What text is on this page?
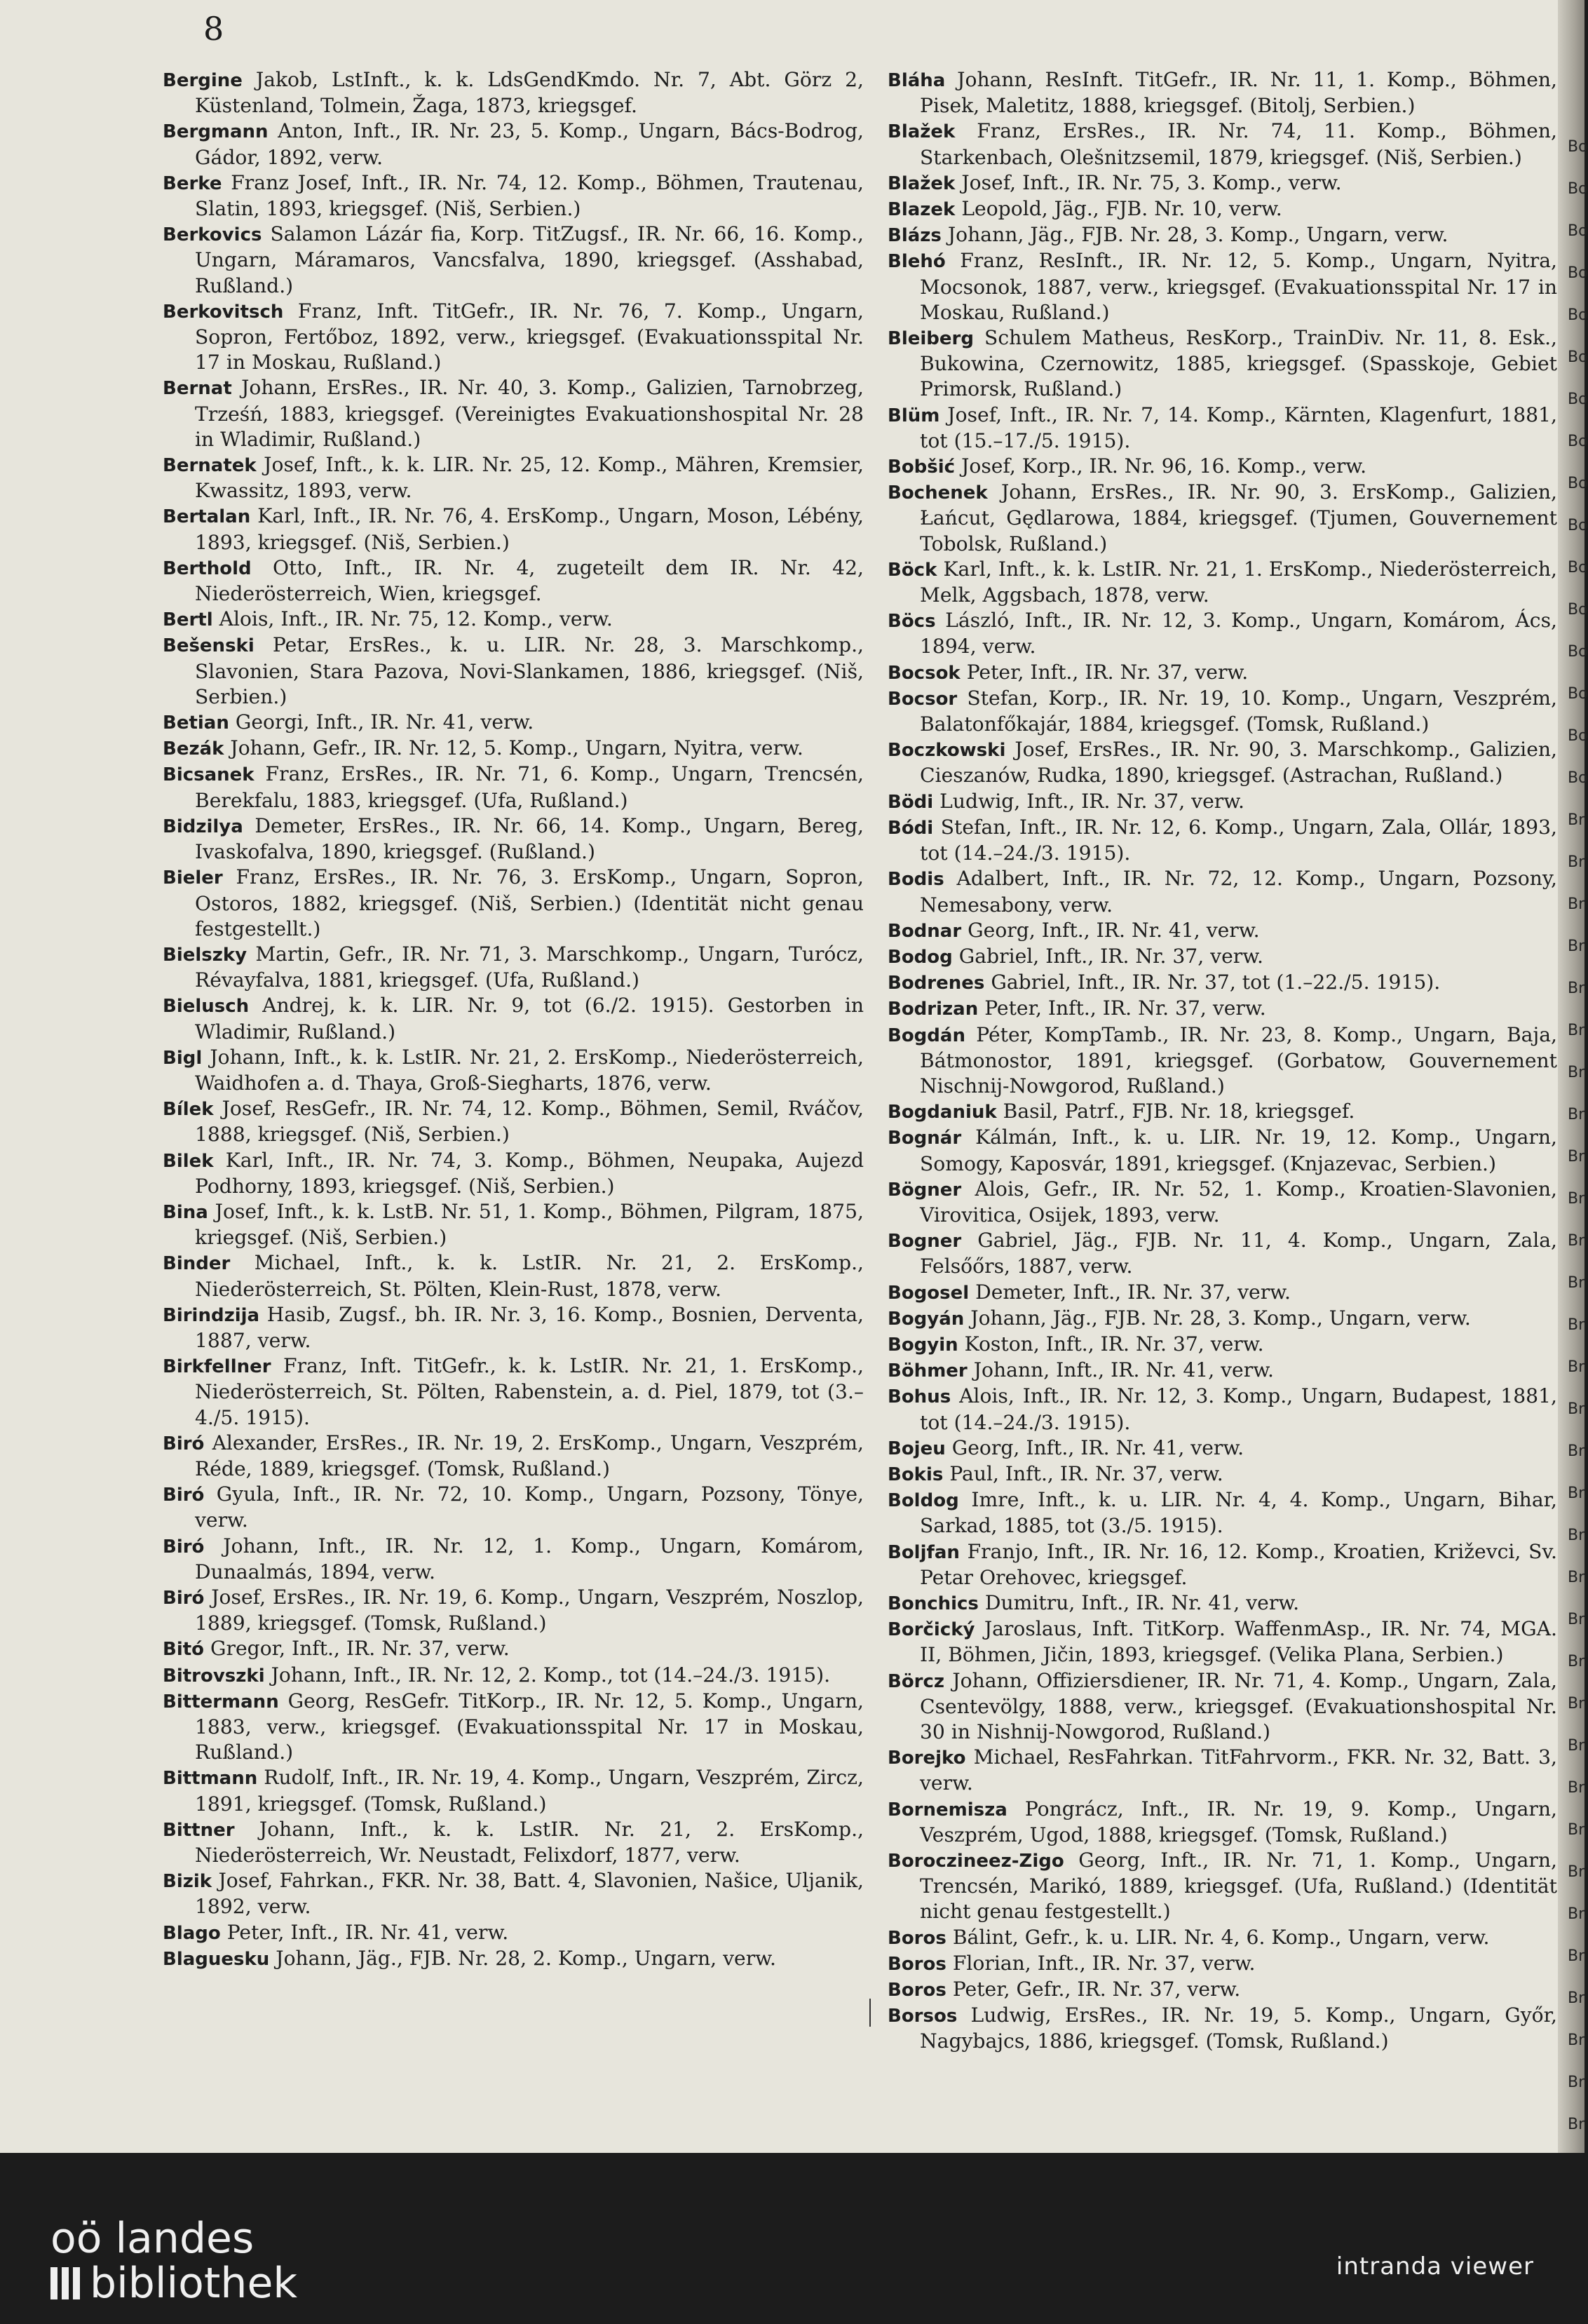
8

Bergine Jakob, LstInft., k. k. LdsGendKmdo. Nr. 7, Abt. Görz 2, Küstenland, Tolmein, Žaga, 1873, kriegsgef.

Bergmann Anton, Inft., IR. Nr. 23, 5. Komp., Ungarn, Bács-Bodrog, Gádor, 1892, verw.

Berke Franz Josef, Inft., IR. Nr. 74, 12. Komp., Böhmen, Trautenau, Slatin, 1893, kriegsgef. (Niš, Serbien.)

Berkovics Salamon Lázár fia, Korp. TitZugsf., IR. Nr. 66, 16. Komp., Ungarn, Máramaros, Vancsfalva, 1890, kriegsgef. (Asshabad, Rußland.)

Berkovitsch Franz, Inft. TitGefr., IR. Nr. 76, 7. Komp., Ungarn, Sopron, Fertőboz, 1892, verw., kriegsgef. (Evakuationsspital Nr. 17 in Moskau, Rußland.)

Bernat Johann, ErsRes., IR. Nr. 40, 3. Komp., Galizien, Tarnobrzeg, Trześń, 1883, kriegsgef. (Vereinigtes Evakuationshospital Nr. 28 in Wladimir, Rußland.)

Bernatek Josef, Inft., k. k. LIR. Nr. 25, 12. Komp., Mähren, Kremsier, Kwassitz, 1893, verw.

Bertalan Karl, Inft., IR. Nr. 76, 4. ErsKomp., Ungarn, Moson, Lébény, 1893, kriegsgef. (Niš, Serbien.)

Berthold Otto, Inft., IR. Nr. 4, zugeteilt dem IR. Nr. 42, Niederösterreich, Wien, kriegsgef.

Bertl Alois, Inft., IR. Nr. 75, 12. Komp., verw.

Bešenski Petar, ErsRes., k. u. LIR. Nr. 28, 3. Marschkomp., Slavonien, Stara Pazova, Novi-Slankamen, 1886, kriegsgef. (Niš, Serbien.)

Betian Georgi, Inft., IR. Nr. 41, verw.

Bezák Johann, Gefr., IR. Nr. 12, 5. Komp., Ungarn, Nyitra, verw.

Bicsanek Franz, ErsRes., IR. Nr. 71, 6. Komp., Ungarn, Trencsén, Berekfalu, 1883, kriegsgef. (Ufa, Rußland.)

Bidzilya Demeter, ErsRes., IR. Nr. 66, 14. Komp., Ungarn, Bereg, Ivaskofalva, 1890, kriegsgef. (Rußland.)

Bieler Franz, ErsRes., IR. Nr. 76, 3. ErsKomp., Ungarn, Sopron, Ostoros, 1882, kriegsgef. (Niš, Serbien.) (Identität nicht genau festgestellt.)

Bielszky Martin, Gefr., IR. Nr. 71, 3. Marschkomp., Ungarn, Turócz, Révayfalva, 1881, kriegsgef. (Ufa, Rußland.)

Bielusch Andrej, k. k. LIR. Nr. 9, tot (6./2. 1915). Gestorben in Wladimir, Rußland.)

Bigl Johann, Inft., k. k. LstIR. Nr. 21, 2. ErsKomp., Niederösterreich, Waidhofen a. d. Thaya, Groß-Siegharts, 1876, verw.

Bílek Josef, ResGefr., IR. Nr. 74, 12. Komp., Böhmen, Semil, Rváčov, 1888, kriegsgef. (Niš, Serbien.)

Bilek Karl, Inft., IR. Nr. 74, 3. Komp., Böhmen, Neupaka, Aujezd Podhorny, 1893, kriegsgef. (Niš, Serbien.)

Bina Josef, Inft., k. k. LstB. Nr. 51, 1. Komp., Böhmen, Pilgram, 1875, kriegsgef. (Niš, Serbien.)

Binder Michael, Inft., k. k. LstIR. Nr. 21, 2. ErsKomp., Niederösterreich, St. Pölten, Klein-Rust, 1878, verw.

Birindzija Hasib, Zugsf., bh. IR. Nr. 3, 16. Komp., Bosnien, Derventa, 1887, verw.

Birkfellner Franz, Inft. TitGefr., k. k. LstIR. Nr. 21, 1. ErsKomp., Niederösterreich, St. Pölten, Rabenstein, a. d. Piel, 1879, tot (3.–4./5. 1915).

Biró Alexander, ErsRes., IR. Nr. 19, 2. ErsKomp., Ungarn, Veszprém, Réde, 1889, kriegsgef. (Tomsk, Rußland.)

Biró Gyula, Inft., IR. Nr. 72, 10. Komp., Ungarn, Pozsony, Tönye, verw.

Biró Johann, Inft., IR. Nr. 12, 1. Komp., Ungarn, Komárom, Dunaalmás, 1894, verw.

Biró Josef, ErsRes., IR. Nr. 19, 6. Komp., Ungarn, Veszprém, Noszlop, 1889, kriegsgef. (Tomsk, Rußland.)

Bitó Gregor, Inft., IR. Nr. 37, verw.

Bitrovszki Johann, Inft., IR. Nr. 12, 2. Komp., tot (14.–24./3. 1915).

Bittermann Georg, ResGefr. TitKorp., IR. Nr. 12, 5. Komp., Ungarn, 1883, verw., kriegsgef. (Evakuationsspital Nr. 17 in Moskau, Rußland.)

Bittmann Rudolf, Inft., IR. Nr. 19, 4. Komp., Ungarn, Veszprém, Zircz, 1891, kriegsgef. (Tomsk, Rußland.)

Bittner Johann, Inft., k. k. LstIR. Nr. 21, 2. ErsKomp., Niederösterreich, Wr. Neustadt, Felixdorf, 1877, verw.

Bizik Josef, Fahrkan., FKR. Nr. 38, Batt. 4, Slavonien, Našice, Uljanik, 1892, verw.

Blago Peter, Inft., IR. Nr. 41, verw.

Blaguesku Johann, Jäg., FJB. Nr. 28, 2. Komp., Ungarn, verw.

Bláha Johann, ResInft. TitGefr., IR. Nr. 11, 1. Komp., Böhmen, Pisek, Maletitz, 1888, kriegsgef. (Bitolj, Serbien.)

Blažek Franz, ErsRes., IR. Nr. 74, 11. Komp., Böhmen, Starkenbach, Olešnitzsemil, 1879, kriegsgef. (Niš, Serbien.)

Blažek Josef, Inft., IR. Nr. 75, 3. Komp., verw.

Blazek Leopold, Jäg., FJB. Nr. 10, verw.

Blázs Johann, Jäg., FJB. Nr. 28, 3. Komp., Ungarn, verw.

Blehó Franz, ResInft., IR. Nr. 12, 5. Komp., Ungarn, Nyitra, Mocsonok, 1887, verw., kriegsgef. (Evakuationsspital Nr. 17 in Moskau, Rußland.)

Bleiberg Schulem Matheus, ResKorp., TrainDiv. Nr. 11, 8. Esk., Bukowina, Czernowitz, 1885, kriegsgef. (Spasskoje, Gebiet Primorsk, Rußland.)

Blüm Josef, Inft., IR. Nr. 7, 14. Komp., Kärnten, Klagenfurt, 1881, tot (15.–17./5. 1915).

Bobšić Josef, Korp., IR. Nr. 96, 16. Komp., verw.

Bochenek Johann, ErsRes., IR. Nr. 90, 3. ErsKomp., Galizien, Łańcut, Gędlarowa, 1884, kriegsgef. (Tjumen, Gouvernement Tobolsk, Rußland.)

Böck Karl, Inft., k. k. LstIR. Nr. 21, 1. ErsKomp., Niederösterreich, Melk, Aggsbach, 1878, verw.

Böcs László, Inft., IR. Nr. 12, 3. Komp., Ungarn, Komárom, Ács, 1894, verw.

Bocsok Peter, Inft., IR. Nr. 37, verw.

Bocsor Stefan, Korp., IR. Nr. 19, 10. Komp., Ungarn, Veszprém, Balatonfőkajár, 1884, kriegsgef. (Tomsk, Rußland.)

Boczkowski Josef, ErsRes., IR. Nr. 90, 3. Marschkomp., Galizien, Cieszanów, Rudka, 1890, kriegsgef. (Astrachan, Rußland.)

Bödi Ludwig, Inft., IR. Nr. 37, verw.

Bódi Stefan, Inft., IR. Nr. 12, 6. Komp., Ungarn, Zala, Ollár, 1893, tot (14.–24./3. 1915).

Bodis Adalbert, Inft., IR. Nr. 72, 12. Komp., Ungarn, Pozsony, Nemesabony, verw.

Bodnar Georg, Inft., IR. Nr. 41, verw.

Bodog Gabriel, Inft., IR. Nr. 37, verw.

Bodrenes Gabriel, Inft., IR. Nr. 37, tot (1.–22./5. 1915).

Bodrizan Peter, Inft., IR. Nr. 37, verw.

Bogdán Péter, KompTamb., IR. Nr. 23, 8. Komp., Ungarn, Baja, Bátmonostor, 1891, kriegsgef. (Gorbatow, Gouvernement Nischnij-Nowgorod, Rußland.)

Bogdaniuk Basil, Patrf., FJB. Nr. 18, kriegsgef.

Bognár Kálmán, Inft., k. u. LIR. Nr. 19, 12. Komp., Ungarn, Somogy, Kaposvár, 1891, kriegsgef. (Knjazevac, Serbien.)

Bögner Alois, Gefr., IR. Nr. 52, 1. Komp., Kroatien-Slavonien, Virovitica, Osijek, 1893, verw.

Bogner Gabriel, Jäg., FJB. Nr. 11, 4. Komp., Ungarn, Zala, Felsőőrs, 1887, verw.

Bogosel Demeter, Inft., IR. Nr. 37, verw.

Bogyán Johann, Jäg., FJB. Nr. 28, 3. Komp., Ungarn, verw.

Bogyin Koston, Inft., IR. Nr. 37, verw.

Böhmer Johann, Inft., IR. Nr. 41, verw.

Bohus Alois, Inft., IR. Nr. 12, 3. Komp., Ungarn, Budapest, 1881, tot (14.–24./3. 1915).

Bojeu Georg, Inft., IR. Nr. 41, verw.

Bokis Paul, Inft., IR. Nr. 37, verw.

Boldog Imre, Inft., k. u. LIR. Nr. 4, 4. Komp., Ungarn, Bihar, Sarkad, 1885, tot (3./5. 1915).

Boljfan Franjo, Inft., IR. Nr. 16, 12. Komp., Kroatien, Križevci, Sv. Petar Orehovec, kriegsgef.

Bonchics Dumitru, Inft., IR. Nr. 41, verw.

Borčický Jaroslaus, Inft. TitKorp. WaffenmAsp., IR. Nr. 74, MGA. II, Böhmen, Jičin, 1893, kriegsgef. (Velika Plana, Serbien.)

Börcz Johann, Offiziersdiener, IR. Nr. 71, 4. Komp., Ungarn, Zala, Csentevölgy, 1888, verw., kriegsgef. (Evakuationshospital Nr. 30 in Nishnij-Nowgorod, Rußland.)

Borejko Michael, ResFahrkan. TitFahrvorm., FKR. Nr. 32, Batt. 3, verw.

Bornemisza Pongrácz, Inft., IR. Nr. 19, 9. Komp., Ungarn, Veszprém, Ugod, 1888, kriegsgef. (Tomsk, Rußland.)

Boroczineez-Zigo Georg, Inft., IR. Nr. 71, 1. Komp., Ungarn, Trencsén, Marikó, 1889, kriegsgef. (Ufa, Rußland.) (Identität nicht genau festgestellt.)

Boros Bálint, Gefr., k. u. LIR. Nr. 4, 6. Komp., Ungarn, verw.

Boros Florian, Inft., IR. Nr. 37, verw.

Boros Peter, Gefr., IR. Nr. 37, verw.

Borsos Ludwig, ErsRes., IR. Nr. 19, 5. Komp., Ungarn, Győr, Nagybajcs, 1886, kriegsgef. (Tomsk, Rußland.)

Bo
Bo
Bo
Bo
Bo
Bo
Bo
Bo
Bo
Bo
Bo
Bo
Bo
Bo
Bo
Bo
Br
Br
Br
Br
Br
Br
Br
Br
Br
Br
Br
Br
Br
Br
Br
Br
Br
Br
Br
Br
Br
Br
Br
Br
Br
Br
Br
Br
Br
Br
Br
Br
oö landes
bibliothek	intranda viewer
